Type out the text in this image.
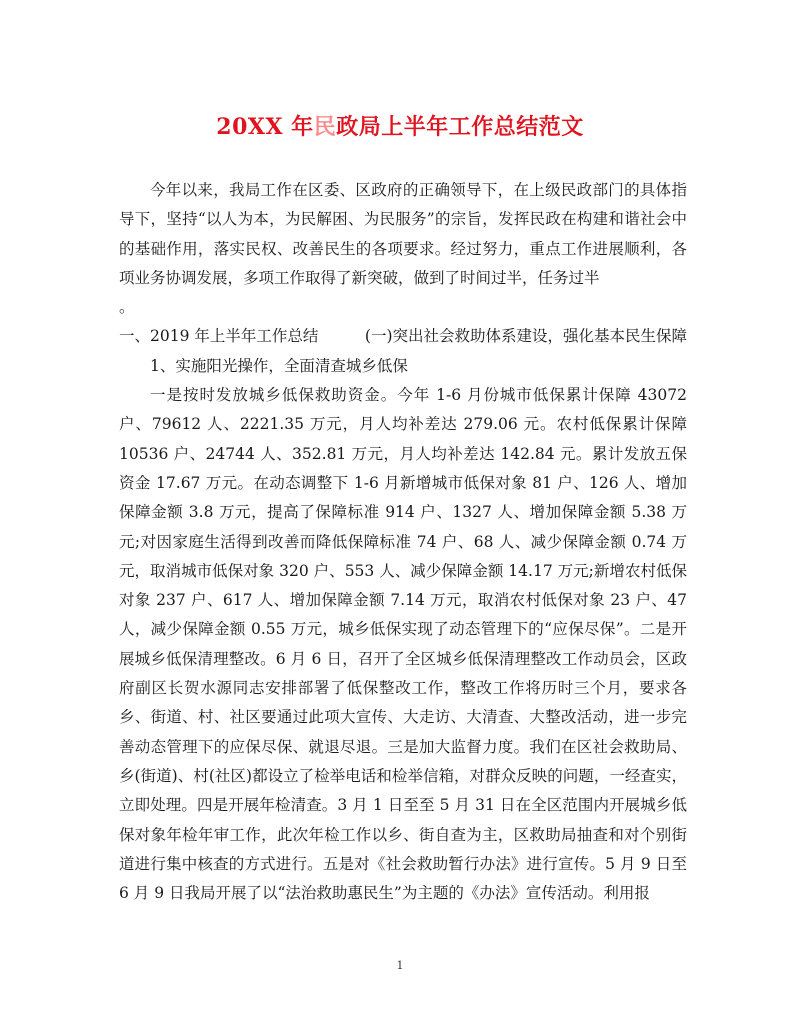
20XX 年民政局上半年工作总结范文

今年以来，我局工作在区委、区政府的正确领导下，在上级民政部门的具体指导下，坚持“以人为本，为民解困、为民服务”的宗旨，发挥民政在构建和谐社会中的基础作用，落实民权、改善民生的各项要求。经过努力，重点工作进展顺利，各项业务协调发展，多项工作取得了新突破，做到了时间过半，任务过半

。

一、2019 年上半年工作总结	(一)突出社会救助体系建设，强化基本民生保障

1、实施阳光操作，全面清查城乡低保

一是按时发放城乡低保救助资金。今年 1-6 月份城市低保累计保障 43072 户、79612 人、2221.35 万元，月人均补差达 279.06 元。农村低保累计保障 10536 户、24744 人、352.81 万元，月人均补差达 142.84 元。累计发放五保资金 17.67 万元。在动态调整下 1-6 月新增城市低保对象 81 户、126 人、增加保障金额 3.8 万元，提高了保障标准 914 户、1327 人、增加保障金额 5.38 万元;对因家庭生活得到改善而降低保障标准 74 户、68 人、减少保障金额 0.74 万元，取消城市低保对象 320 户、553 人、减少保障金额 14.17 万元;新增农村低保对象 237 户、617 人、增加保障金额 7.14 万元，取消农村低保对象 23 户、47 人，减少保障金额 0.55 万元，城乡低保实现了动态管理下的“应保尽保”。二是开展城乡低保清理整改。6 月 6 日，召开了全区城乡低保清理整改工作动员会，区政府副区长贺水源同志安排部署了低保整改工作，整改工作将历时三个月，要求各乡、街道、村、社区要通过此项大宣传、大走访、大清查、大整改活动，进一步完善动态管理下的应保尽保、就退尽退。三是加大监督力度。我们在区社会救助局、乡(街道)、村(社区)都设立了检举电话和检举信箱，对群众反映的问题，一经查实，立即处理。四是开展年检清查。3 月 1 日至至 5 月 31 日在全区范围内开展城乡低保对象年检年审工作，此次年检工作以乡、街自查为主，区救助局抽查和对个别街道进行集中核查的方式进行。五是对《社会救助暂行办法》进行宣传。5 月 9 日至 6 月 9 日我局开展了以“法治救助惠民生”为主题的《办法》宣传活动。利用报

1
